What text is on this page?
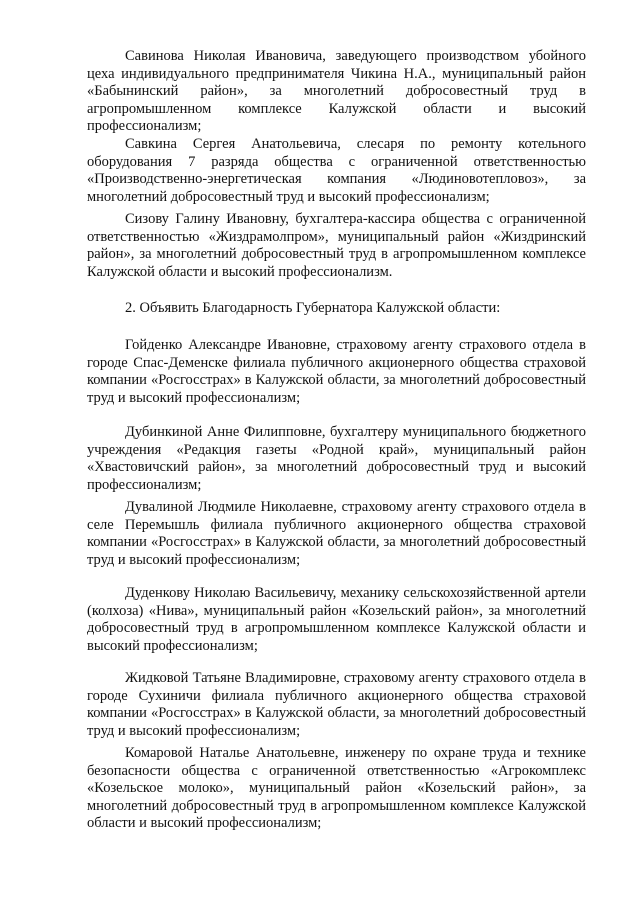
Савинова Николая Ивановича, заведующего производством убойного цеха индивидуального предпринимателя Чикина Н.А., муниципальный район «Бабынинский район», за многолетний добросовестный труд в агропромышленном комплексе Калужской области и высокий профессионализм;

Савкина Сергея Анатольевича, слесаря по ремонту котельного оборудования 7 разряда общества с ограниченной ответственностью «Производственно-энергетическая компания «Людиновотепловоз», за многолетний добросовестный труд и высокий профессионализм;

Сизову Галину Ивановну, бухгалтера-кассира общества с ограниченной ответственностью «Жиздрамолпром», муниципальный район «Жиздринский район», за многолетний добросовестный труд в агропромышленном комплексе Калужской области и высокий профессионализм.

2. Объявить Благодарность Губернатора Калужской области:

Гойденко Александре Ивановне, страховому агенту страхового отдела в городе Спас-Деменске филиала публичного акционерного общества страховой компании «Росгосстрах» в Калужской области, за многолетний добросовестный труд и высокий профессионализм;

Дубинкиной Анне Филипповне, бухгалтеру муниципального бюджетного учреждения «Редакция газеты «Родной край», муниципальный район «Хвастовичский район», за многолетний добросовестный труд и высокий профессионализм;

Дувалиной Людмиле Николаевне, страховому агенту страхового отдела в селе Перемышль филиала публичного акционерного общества страховой компании «Росгосстрах» в Калужской области, за многолетний добросовестный труд и высокий профессионализм;

Дуденкову Николаю Васильевичу, механику сельскохозяйственной артели (колхоза) «Нива», муниципальный район «Козельский район», за многолетний добросовестный труд в агропромышленном комплексе Калужской области и высокий профессионализм;

Жидковой Татьяне Владимировне, страховому агенту страхового отдела в городе Сухиничи филиала публичного акционерного общества страховой компании «Росгосстрах» в Калужской области, за многолетний добросовестный труд и высокий профессионализм;

Комаровой Наталье Анатольевне, инженеру по охране труда и технике безопасности общества с ограниченной ответственностью «Агрокомплекс «Козельское молоко», муниципальный район «Козельский район», за многолетний добросовестный труд в агропромышленном комплексе Калужской области и высокий профессионализм;
